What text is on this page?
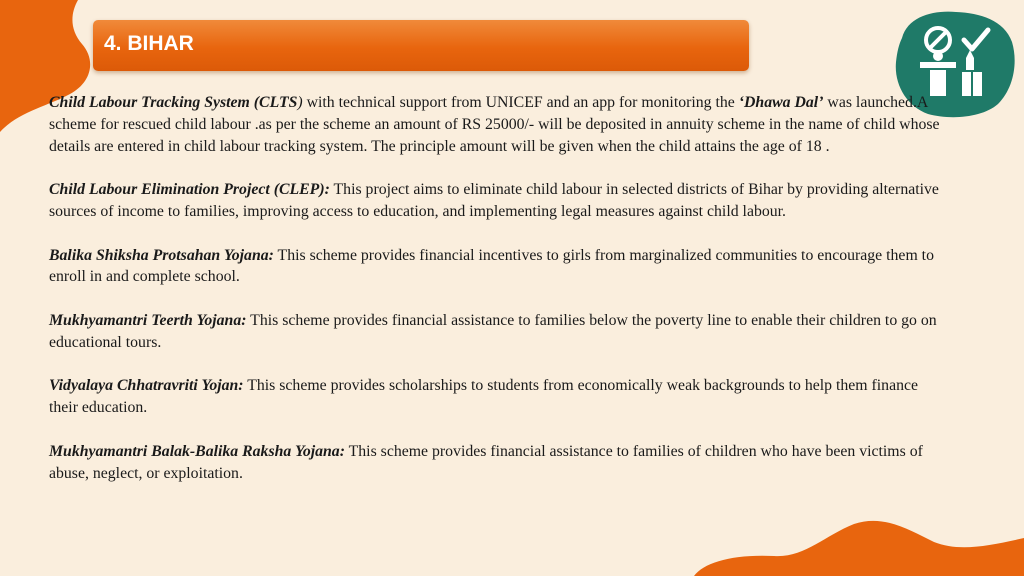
4. BIHAR

Child Labour Tracking System (CLTS) with technical support from UNICEF and an app for monitoring the ‘Dhawa Dal’ was launched.A scheme for rescued child labour .as per the scheme an amount of RS 25000/- will be deposited in annuity scheme in the name of child whose details are entered in child labour tracking system. The principle amount will be given when the child attains the age of 18 .

Child Labour Elimination Project (CLEP): This project aims to eliminate child labour in selected districts of Bihar by providing alternative sources of income to families, improving access to education, and implementing legal measures against child labour.

Balika Shiksha Protsahan Yojana: This scheme provides financial incentives to girls from marginalized communities to encourage them to enroll in and complete school.

Mukhyamantri Teerth Yojana: This scheme provides financial assistance to families below the poverty line to enable their children to go on educational tours.

Vidyalaya Chhatravriti Yojan: This scheme provides scholarships to students from economically weak backgrounds to help them finance their education.

Mukhyamantri Balak-Balika Raksha Yojana: This scheme provides financial assistance to families of children who have been victims of abuse, neglect, or exploitation.
